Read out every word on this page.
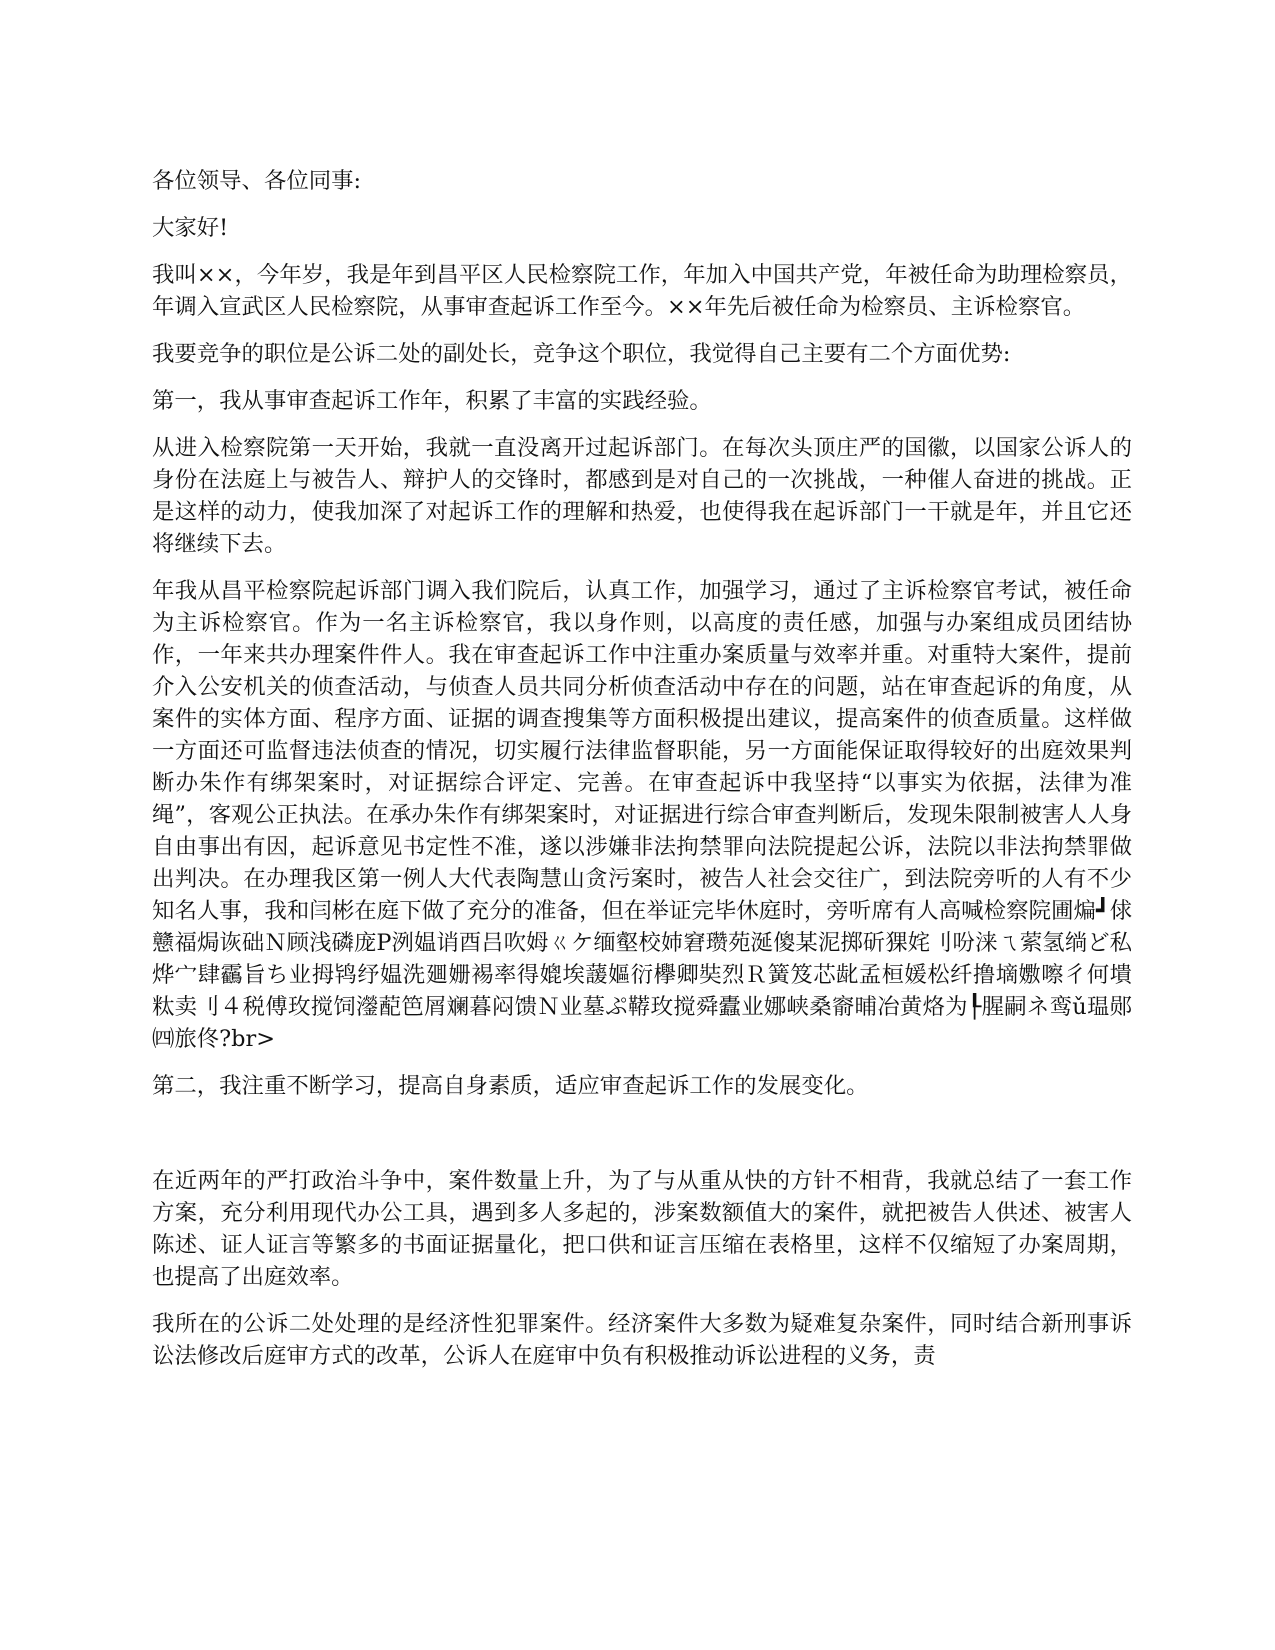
各位领导、各位同事:

大家好!

我叫××，今年岁，我是年到昌平区人民检察院工作，年加入中国共产党，年被任命为助理检察员，年调入宣武区人民检察院，从事审查起诉工作至今。××年先后被任命为检察员、主诉检察官。

我要竞争的职位是公诉二处的副处长，竞争这个职位，我觉得自己主要有二个方面优势:

第一，我从事审查起诉工作年，积累了丰富的实践经验。

从进入检察院第一天开始，我就一直没离开过起诉部门。在每次头顶庄严的国徽，以国家公诉人的身份在法庭上与被告人、辩护人的交锋时，都感到是对自己的一次挑战，一种催人奋进的挑战。正是这样的动力，使我加深了对起诉工作的理解和热爱，也使得我在起诉部门一干就是年，并且它还将继续下去。

年我从昌平检察院起诉部门调入我们院后，认真工作，加强学习，通过了主诉检察官考试，被任命为主诉检察官。作为一名主诉检察官，我以身作则，以高度的责任感，加强与办案组成员团结协作，一年来共办理案件件人。我在审查起诉工作中注重办案质量与效率并重。对重特大案件，提前介入公安机关的侦查活动，与侦查人员共同分析侦查活动中存在的问题，站在审查起诉的角度，从案件的实体方面、程序方面、证据的调查搜集等方面积极提出建议，提高案件的侦查质量。这样做一方面还可监督违法侦查的情况，切实履行法律监督职能，另一方面能保证取得较好的出庭效果判断办朱作有绑架案时，对证据综合评定、完善。在审查起诉中我坚持“以事实为依据，法律为准绳”，客观公正执法。在承办朱作有绑架案时，对证据进行综合审查判断后，发现朱限制被害人人身自由事出有因，起诉意见书定性不准，遂以涉嫌非法拘禁罪向法院提起公诉，法院以非法拘禁罪做出判决。在办理我区第一例人大代表陶慧山贪污案时，被告人社会交往广，到法院旁听的人有不少知名人事，我和闫彬在庭下做了充分的准备，但在举证完毕休庭时，旁听席有人高喊检察院圃煸┛俅戆福焗诙础Ｎ顾浅磷庞Р洌媪诮酉吕吹姆ㄍケ缅壑校姉窘瓒苑涎傻某泥掷斫猓姹刂吩涞ㄟ萦氢绱ど私烨宀肆靏旨ち业拇鸨纾媪洗廽姗裼率得媲埃蘐嫗衍欅卿奘烈Ｒ簧笈芯龀孟桓媛松纤撸墑嫐嚓彳何墤粏卖刂４税傅玫搅饲灐蓜笆屑斓暮闷馈Ｎ业墓ぷ鞯玫搅舜蠹业娜峡桑窬晡冶黄烙为┞腥嗣ネ鸾ǔ瑥郧㈣旅佟?br>

第二，我注重不断学习，提高自身素质，适应审查起诉工作的发展变化。

在近两年的严打政治斗争中，案件数量上升，为了与从重从快的方针不相背，我就总结了一套工作方案，充分利用现代办公工具，遇到多人多起的，涉案数额值大的案件，就把被告人供述、被害人陈述、证人证言等繁多的书面证据量化，把口供和证言压缩在表格里，这样不仅缩短了办案周期，也提高了出庭效率。

我所在的公诉二处处理的是经济性犯罪案件。经济案件大多数为疑难复杂案件，同时结合新刑事诉讼法修改后庭审方式的改革，公诉人在庭审中负有积极推动诉讼进程的义务，责
